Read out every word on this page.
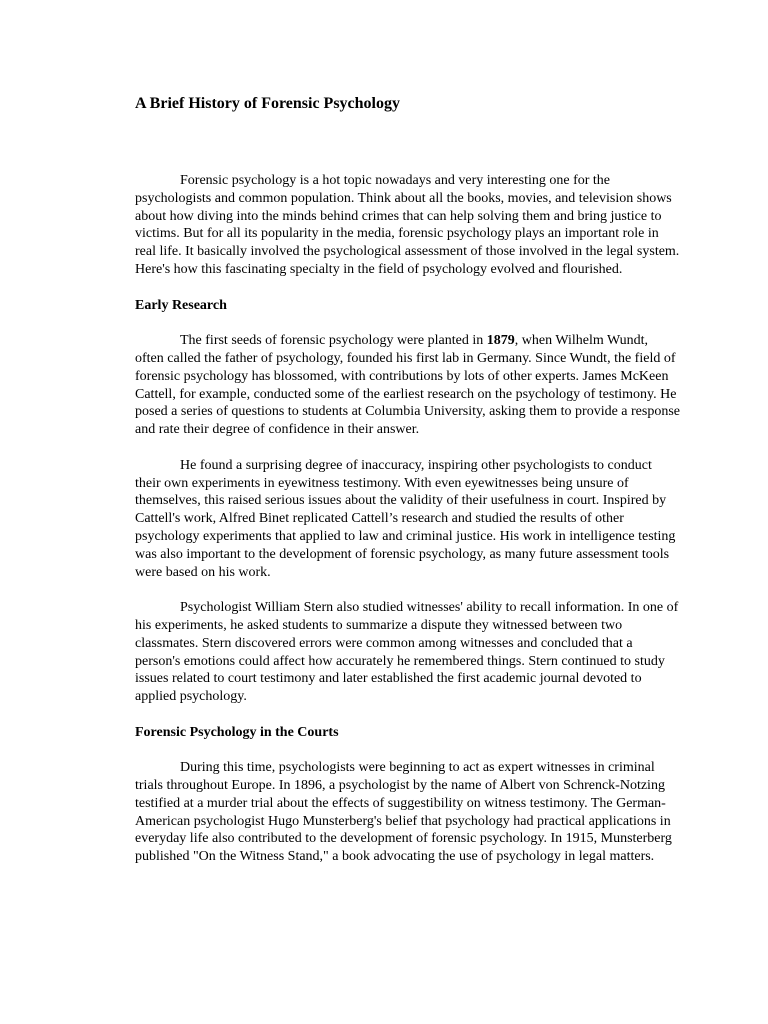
A Brief History of Forensic Psychology

Forensic psychology is a hot topic nowadays and very interesting one for the psychologists and common population. Think about all the books, movies, and television shows about how diving into the minds behind crimes that can help solving them and bring justice to victims. But for all its popularity in the media, forensic psychology plays an important role in real life. It basically involved the psychological assessment of those involved in the legal system. Here's how this fascinating specialty in the field of psychology evolved and flourished.

Early Research

The first seeds of forensic psychology were planted in 1879, when Wilhelm Wundt, often called the father of psychology, founded his first lab in Germany. Since Wundt, the field of forensic psychology has blossomed, with contributions by lots of other experts. James McKeen Cattell, for example, conducted some of the earliest research on the psychology of testimony. He posed a series of questions to students at Columbia University, asking them to provide a response and rate their degree of confidence in their answer.

He found a surprising degree of inaccuracy, inspiring other psychologists to conduct their own experiments in eyewitness testimony. With even eyewitnesses being unsure of themselves, this raised serious issues about the validity of their usefulness in court. Inspired by Cattell's work, Alfred Binet replicated Cattell’s research and studied the results of other psychology experiments that applied to law and criminal justice. His work in intelligence testing was also important to the development of forensic psychology, as many future assessment tools were based on his work.

Psychologist William Stern also studied witnesses' ability to recall information. In one of his experiments, he asked students to summarize a dispute they witnessed between two classmates. Stern discovered errors were common among witnesses and concluded that a person's emotions could affect how accurately he remembered things. Stern continued to study issues related to court testimony and later established the first academic journal devoted to applied psychology.

Forensic Psychology in the Courts

During this time, psychologists were beginning to act as expert witnesses in criminal trials throughout Europe. In 1896, a psychologist by the name of Albert von Schrenck-Notzing testified at a murder trial about the effects of suggestibility on witness testimony. The German-American psychologist Hugo Munsterberg's belief that psychology had practical applications in everyday life also contributed to the development of forensic psychology. In 1915, Munsterberg published "On the Witness Stand," a book advocating the use of psychology in legal matters.
